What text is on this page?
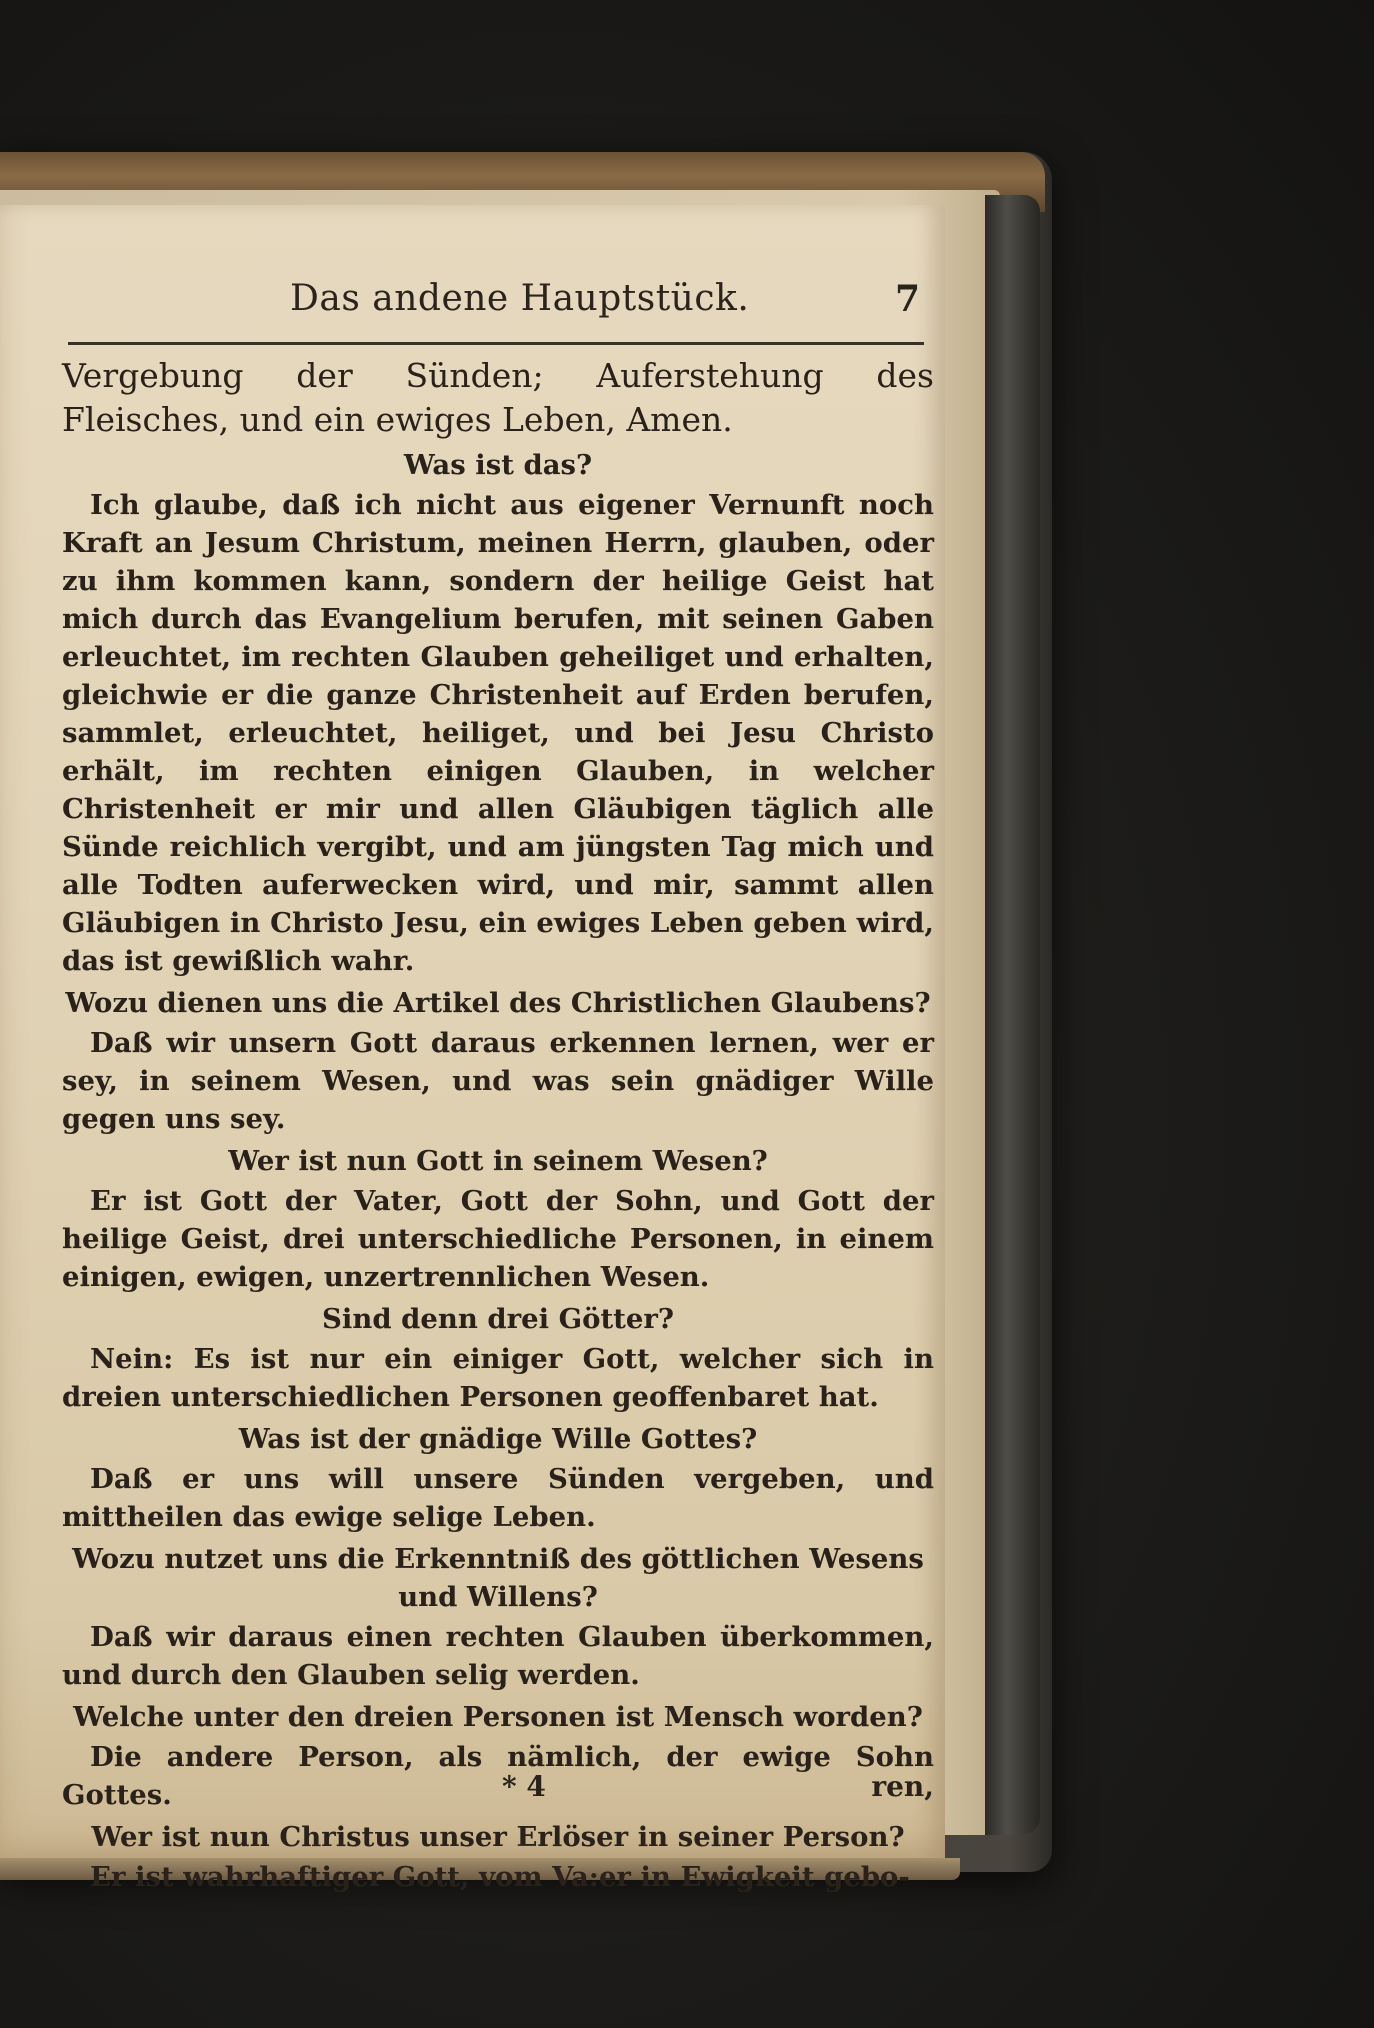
Das andene Hauptstück.	7

Vergebung der Sünden; Auferstehung des Fleisches, und ein ewiges Leben, Amen.

Was ist das?

Ich glaube, daß ich nicht aus eigener Vernunft noch Kraft an Jesum Christum, meinen Herrn, glauben, oder zu ihm kommen kann, sondern der heilige Geist hat mich durch das Evangelium berufen, mit seinen Gaben erleuchtet, im rechten Glauben geheiliget und erhalten, gleichwie er die ganze Christenheit auf Erden berufen, sammlet, erleuchtet, heiliget, und bei Jesu Christo erhält, im rechten einigen Glauben, in welcher Christenheit er mir und allen Gläubigen täglich alle Sünde reichlich vergibt, und am jüngsten Tag mich und alle Todten auferwecken wird, und mir, sammt allen Gläubigen in Christo Jesu, ein ewiges Leben geben wird, das ist gewißlich wahr.

Wozu dienen uns die Artikel des Christlichen Glaubens?

Daß wir unsern Gott daraus erkennen lernen, wer er sey, in seinem Wesen, und was sein gnädiger Wille gegen uns sey.

Wer ist nun Gott in seinem Wesen?

Er ist Gott der Vater, Gott der Sohn, und Gott der heilige Geist, drei unterschiedliche Personen, in einem einigen, ewigen, unzertrennlichen Wesen.

Sind denn drei Götter?

Nein: Es ist nur ein einiger Gott, welcher sich in dreien unterschiedlichen Personen geoffenbaret hat.

Was ist der gnädige Wille Gottes?

Daß er uns will unsere Sünden vergeben, und mittheilen das ewige selige Leben.

Wozu nutzet uns die Erkenntniß des göttlichen Wesens und Willens?

Daß wir daraus einen rechten Glauben überkommen, und durch den Glauben selig werden.

Welche unter den dreien Personen ist Mensch worden?

Die andere Person, als nämlich, der ewige Sohn Gottes.

Wer ist nun Christus unser Erlöser in seiner Person?

Er ist wahrhaftiger Gott, vom Va:er in Ewigkeit gebo-

* 4	ren,
